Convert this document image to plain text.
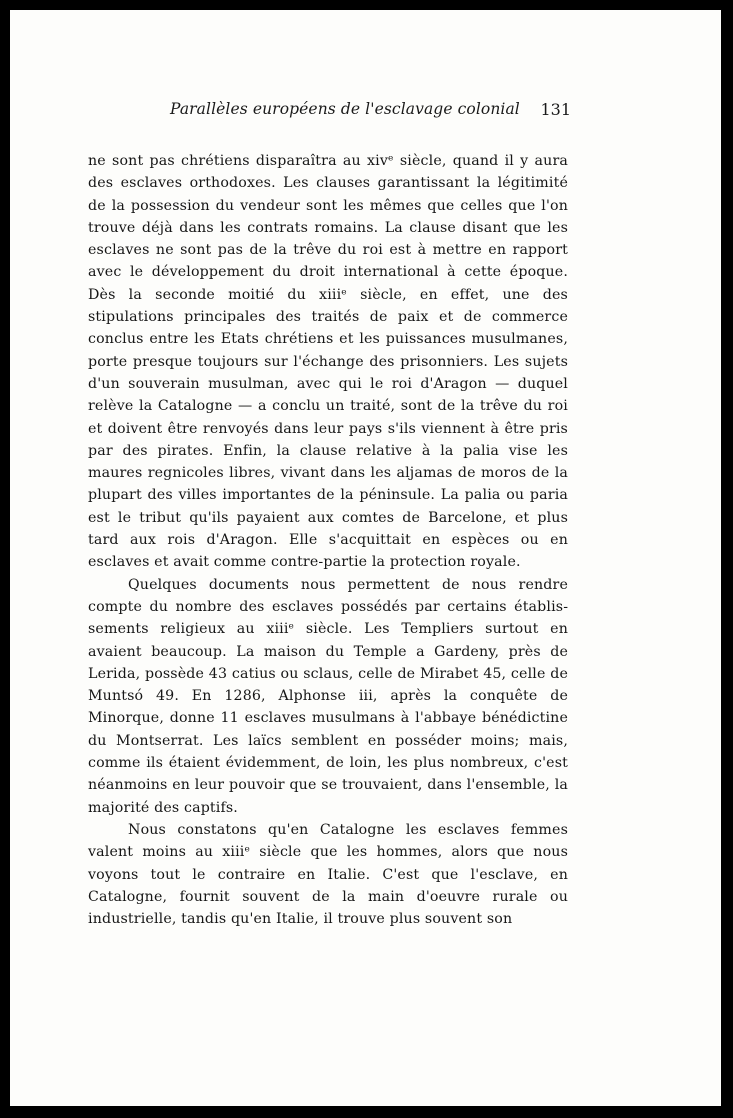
Parallèles européens de l'esclavage colonial 131

ne sont pas chrétiens disparaîtra au xivᵉ siècle, quand il y aura des esclaves orthodoxes. Les clauses garantissant la légitimité de la possession du vendeur sont les mêmes que celles que l'on trouve déjà dans les contrats romains. La clause disant que les esclaves ne sont pas de la trêve du roi est à mettre en rapport avec le développement du droit international à cette époque. Dès la seconde moitié du xiiiᵉ siècle, en effet, une des stipulations principales des traités de paix et de commerce conclus entre les Etats chrétiens et les puissances musulmanes, porte presque toujours sur l'échange des prisonniers. Les sujets d'un souverain musulman, avec qui le roi d'Aragon — duquel relève la Catalogne — a conclu un traité, sont de la trêve du roi et doivent être renvoyés dans leur pays s'ils viennent à être pris par des pirates. Enfin, la clause relative à la palia vise les maures regnicoles libres, vivant dans les aljamas de moros de la plupart des villes importantes de la péninsule. La palia ou paria est le tribut qu'ils payaient aux comtes de Barcelone, et plus tard aux rois d'Aragon. Elle s'acquittait en espèces ou en esclaves et avait comme contre-partie la protection royale.

Quelques documents nous permettent de nous rendre compte du nombre des esclaves possédés par certains établissements religieux au xiiiᵉ siècle. Les Templiers surtout en avaient beaucoup. La maison du Temple a Gardeny, près de Lerida, possède 43 catius ou sclaus, celle de Mirabet 45, celle de Muntsó 49. En 1286, Alphonse iii, après la conquête de Minorque, donne 11 esclaves musulmans à l'abbaye bénédictine du Montserrat. Les laïcs semblent en posséder moins; mais, comme ils étaient évidemment, de loin, les plus nombreux, c'est néanmoins en leur pouvoir que se trouvaient, dans l'ensemble, la majorité des captifs.

Nous constatons qu'en Catalogne les esclaves femmes valent moins au xiiiᵉ siècle que les hommes, alors que nous voyons tout le contraire en Italie. C'est que l'esclave, en Catalogne, fournit souvent de la main d'oeuvre rurale ou industrielle, tandis qu'en Italie, il trouve plus souvent son
